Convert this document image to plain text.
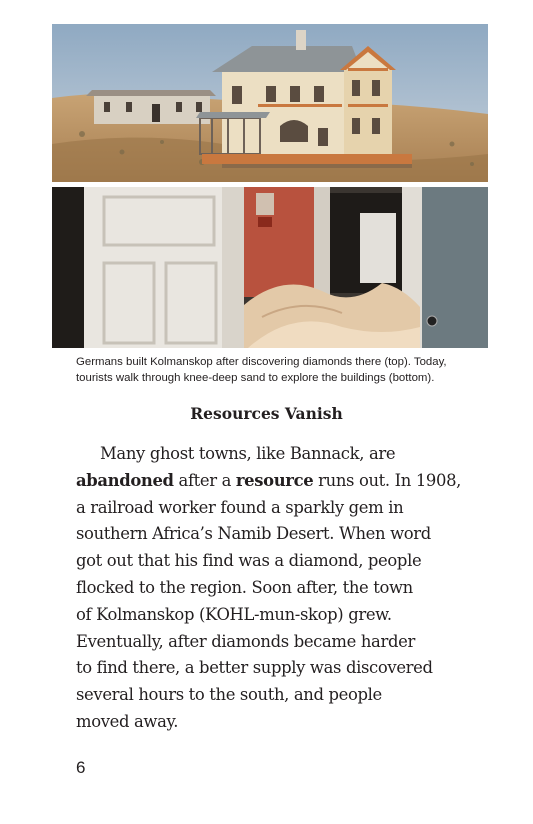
Germans built Kolmanskop after discovering diamonds there (top). Today,
tourists walk through knee-deep sand to explore the buildings (bottom).
Resources Vanish
Many ghost towns, like Bannack, are
abandoned after a resource runs out. In 1908,
a railroad worker found a sparkly gem in
southern Africa’s Namib Desert. When word
got out that his find was a diamond, people
flocked to the region. Soon after, the town
of Kolmanskop (KOHL-mun-skop) grew.
Eventually, after diamonds became harder
to find there, a better supply was discovered
several hours to the south, and people
moved away.
6
